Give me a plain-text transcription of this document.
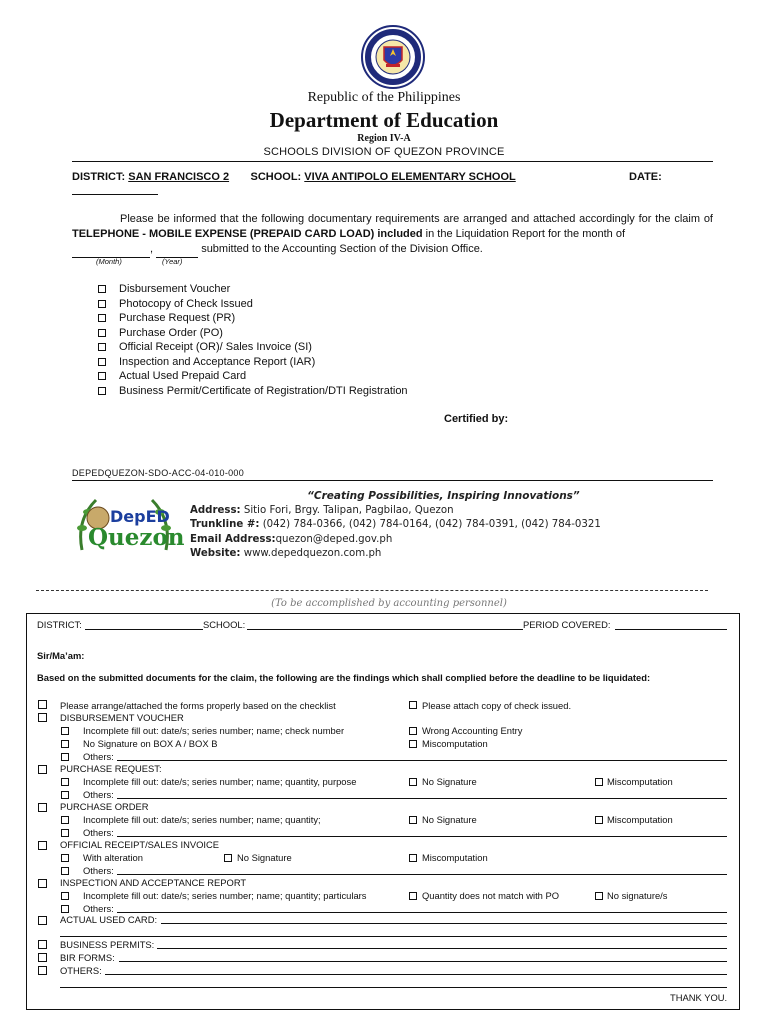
Republic of the Philippines
Department of Education
Region IV-A
SCHOOLS DIVISION OF QUEZON PROVINCE
DISTRICT: SAN FRANCISCO 2 SCHOOL: VIVA ANTIPOLO ELEMENTARY SCHOOL	DATE:
Please be informed that the following documentary requirements are arranged and attached accordingly for the claim of TELEPHONE - MOBILE EXPENSE (PREPAID CARD LOAD) included in the Liquidation Report for the month of
,	submitted to the Accounting Section of the Division Office.
(Month)	(Year)
Disbursement Voucher
Photocopy of Check Issued
Purchase Request (PR)
Purchase Order (PO)
Official Receipt (OR)/ Sales Invoice (SI)
Inspection and Acceptance Report (IAR)
Actual Used Prepaid Card
Business Permit/Certificate of Registration/DTI Registration
Certified by:
DEPEDQUEZON-SDO-ACC-04-010-000
DepED
Quezon
“Creating Possibilities, Inspiring Innovations”
Address: Sitio Fori, Brgy. Talipan, Pagbilao, Quezon
Trunkline #: (042) 784-0366, (042) 784-0164, (042) 784-0391, (042) 784-0321
Email Address:quezon@deped.gov.ph
Website: www.depedquezon.com.ph
(To be accomplished by accounting personnel)
DISTRICT:	SCHOOL:	PERIOD COVERED:
Sir/Ma’am:
Based on the submitted documents for the claim, the following are the findings which shall complied before the deadline to be liquidated:
Please arrange/attached the forms properly based on the checklist	Please attach copy of check issued.
DISBURSEMENT VOUCHER
Incomplete fill out: date/s; series number; name; check number	Wrong Accounting Entry
No Signature on BOX A / BOX B	Miscomputation
Others:
PURCHASE REQUEST:
Incomplete fill out: date/s; series number; name; quantity, purpose	No Signature	Miscomputation
Others:
PURCHASE ORDER
Incomplete fill out: date/s; series number; name; quantity;	No Signature	Miscomputation
Others:
OFFICIAL RECEIPT/SALES INVOICE
With alteration	No Signature	Miscomputation
Others:
INSPECTION AND ACCEPTANCE REPORT
Incomplete fill out: date/s; series number; name; quantity; particulars	Quantity does not match with PO	No signature/s
Others:
ACTUAL USED CARD:
BUSINESS PERMITS:
BIR FORMS:
OTHERS:
THANK YOU.
